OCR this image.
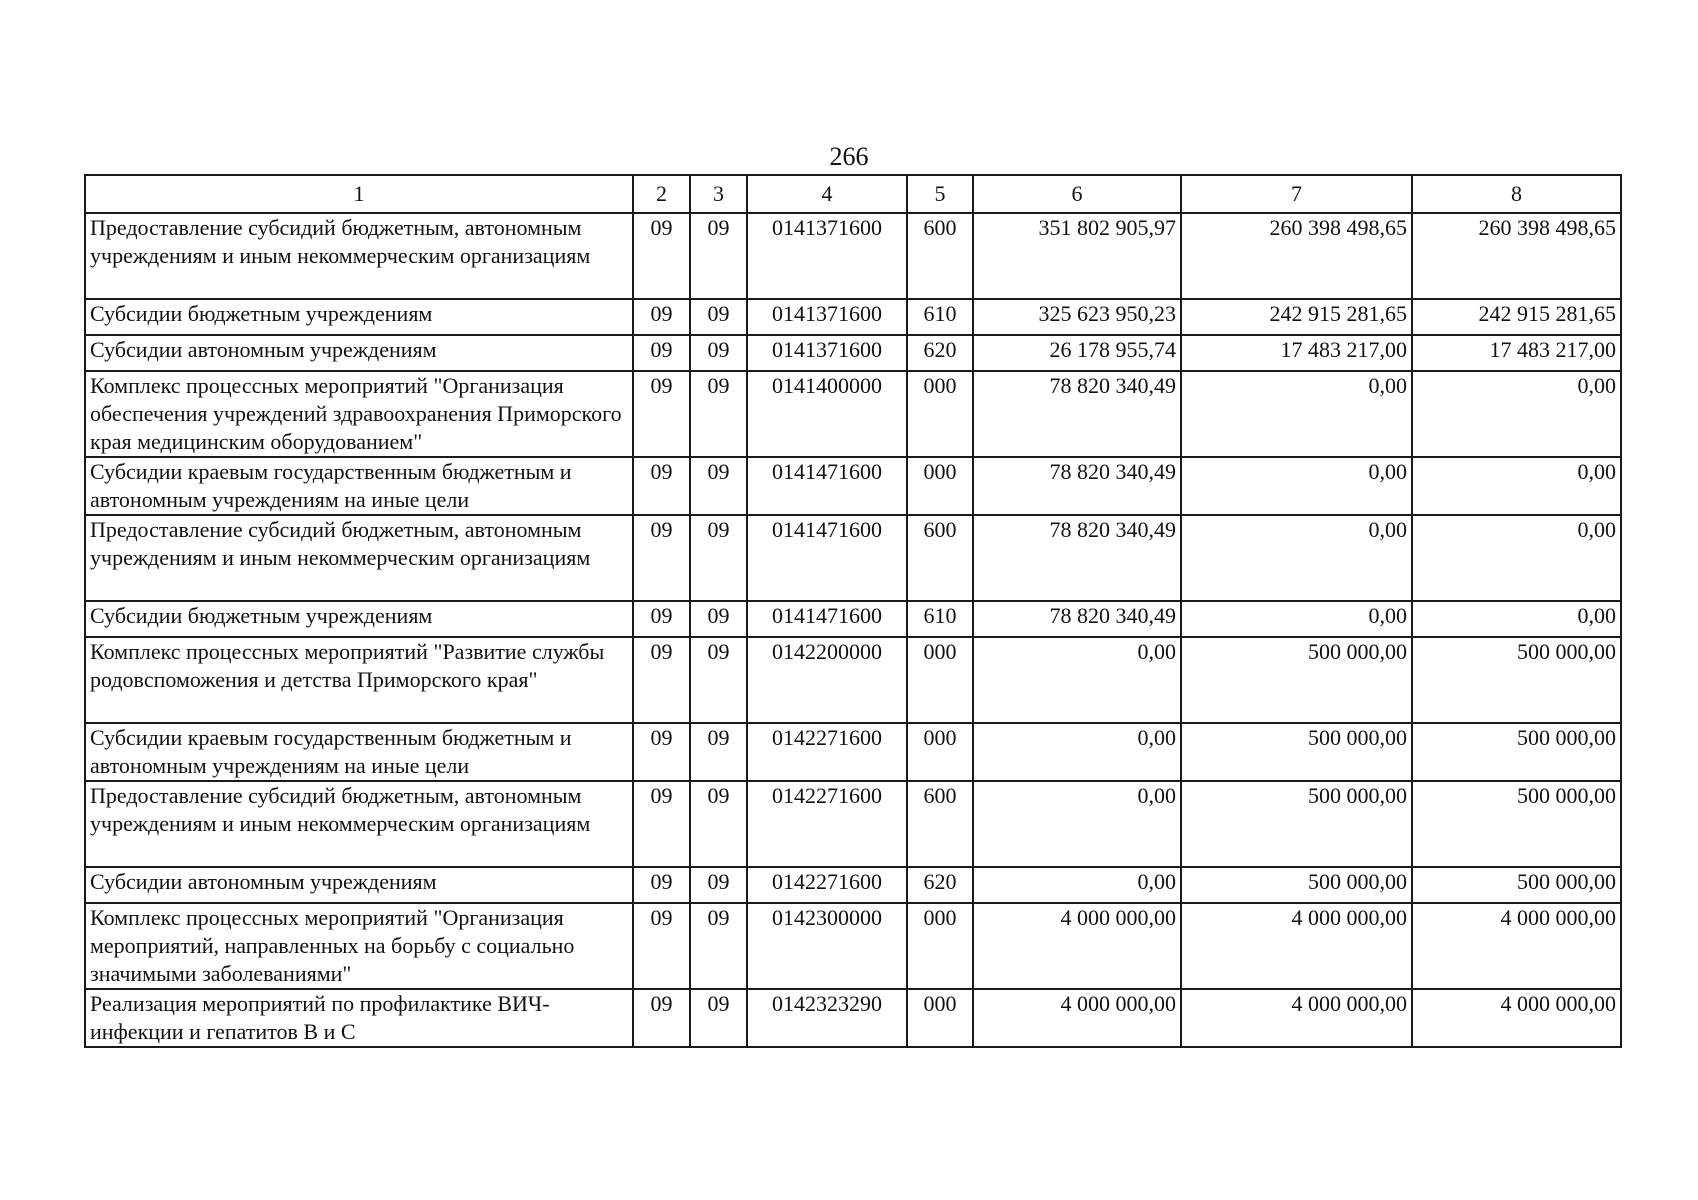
266
1	2	3	4	5	6	7	8
Предоставление субсидий бюджетным, автономным учреждениям и иным некоммерческим организациям	09	09	0141371600	600	351 802 905,97	260 398 498,65	260 398 498,65
Субсидии бюджетным учреждениям	09	09	0141371600	610	325 623 950,23	242 915 281,65	242 915 281,65
Субсидии автономным учреждениям	09	09	0141371600	620	26 178 955,74	17 483 217,00	17 483 217,00
Комплекс процессных мероприятий "Организация обеспечения учреждений здравоохранения Приморского края медицинским оборудованием"	09	09	0141400000	000	78 820 340,49	0,00	0,00
Субсидии краевым государственным бюджетным и автономным учреждениям на иные цели	09	09	0141471600	000	78 820 340,49	0,00	0,00
Предоставление субсидий бюджетным, автономным учреждениям и иным некоммерческим организациям	09	09	0141471600	600	78 820 340,49	0,00	0,00
Субсидии бюджетным учреждениям	09	09	0141471600	610	78 820 340,49	0,00	0,00
Комплекс процессных мероприятий "Развитие службы родовспоможения и детства Приморского края"	09	09	0142200000	000	0,00	500 000,00	500 000,00
Субсидии краевым государственным бюджетным и автономным учреждениям на иные цели	09	09	0142271600	000	0,00	500 000,00	500 000,00
Предоставление субсидий бюджетным, автономным учреждениям и иным некоммерческим организациям	09	09	0142271600	600	0,00	500 000,00	500 000,00
Субсидии автономным учреждениям	09	09	0142271600	620	0,00	500 000,00	500 000,00
Комплекс процессных мероприятий "Организация мероприятий, направленных на борьбу с социально значимыми заболеваниями"	09	09	0142300000	000	4 000 000,00	4 000 000,00	4 000 000,00
Реализация мероприятий по профилактике ВИЧ-инфекции и гепатитов В и С	09	09	0142323290	000	4 000 000,00	4 000 000,00	4 000 000,00
